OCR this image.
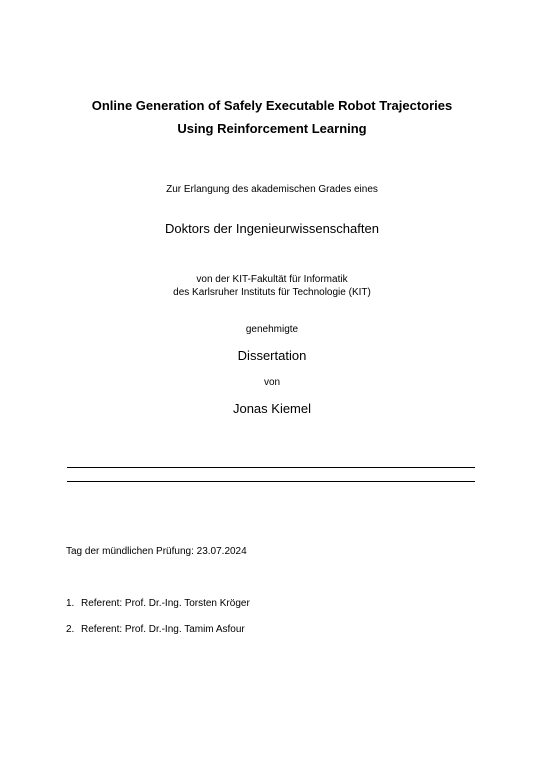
Online Generation of Safely Executable Robot Trajectories
Using Reinforcement Learning
Zur Erlangung des akademischen Grades eines
Doktors der Ingenieurwissenschaften
von der KIT-Fakultät für Informatik
des Karlsruher Instituts für Technologie (KIT)
genehmigte
Dissertation
von
Jonas Kiemel
Tag der mündlichen Prüfung: 23.07.2024
1. Referent: Prof. Dr.-Ing. Torsten Kröger
2. Referent: Prof. Dr.-Ing. Tamim Asfour
